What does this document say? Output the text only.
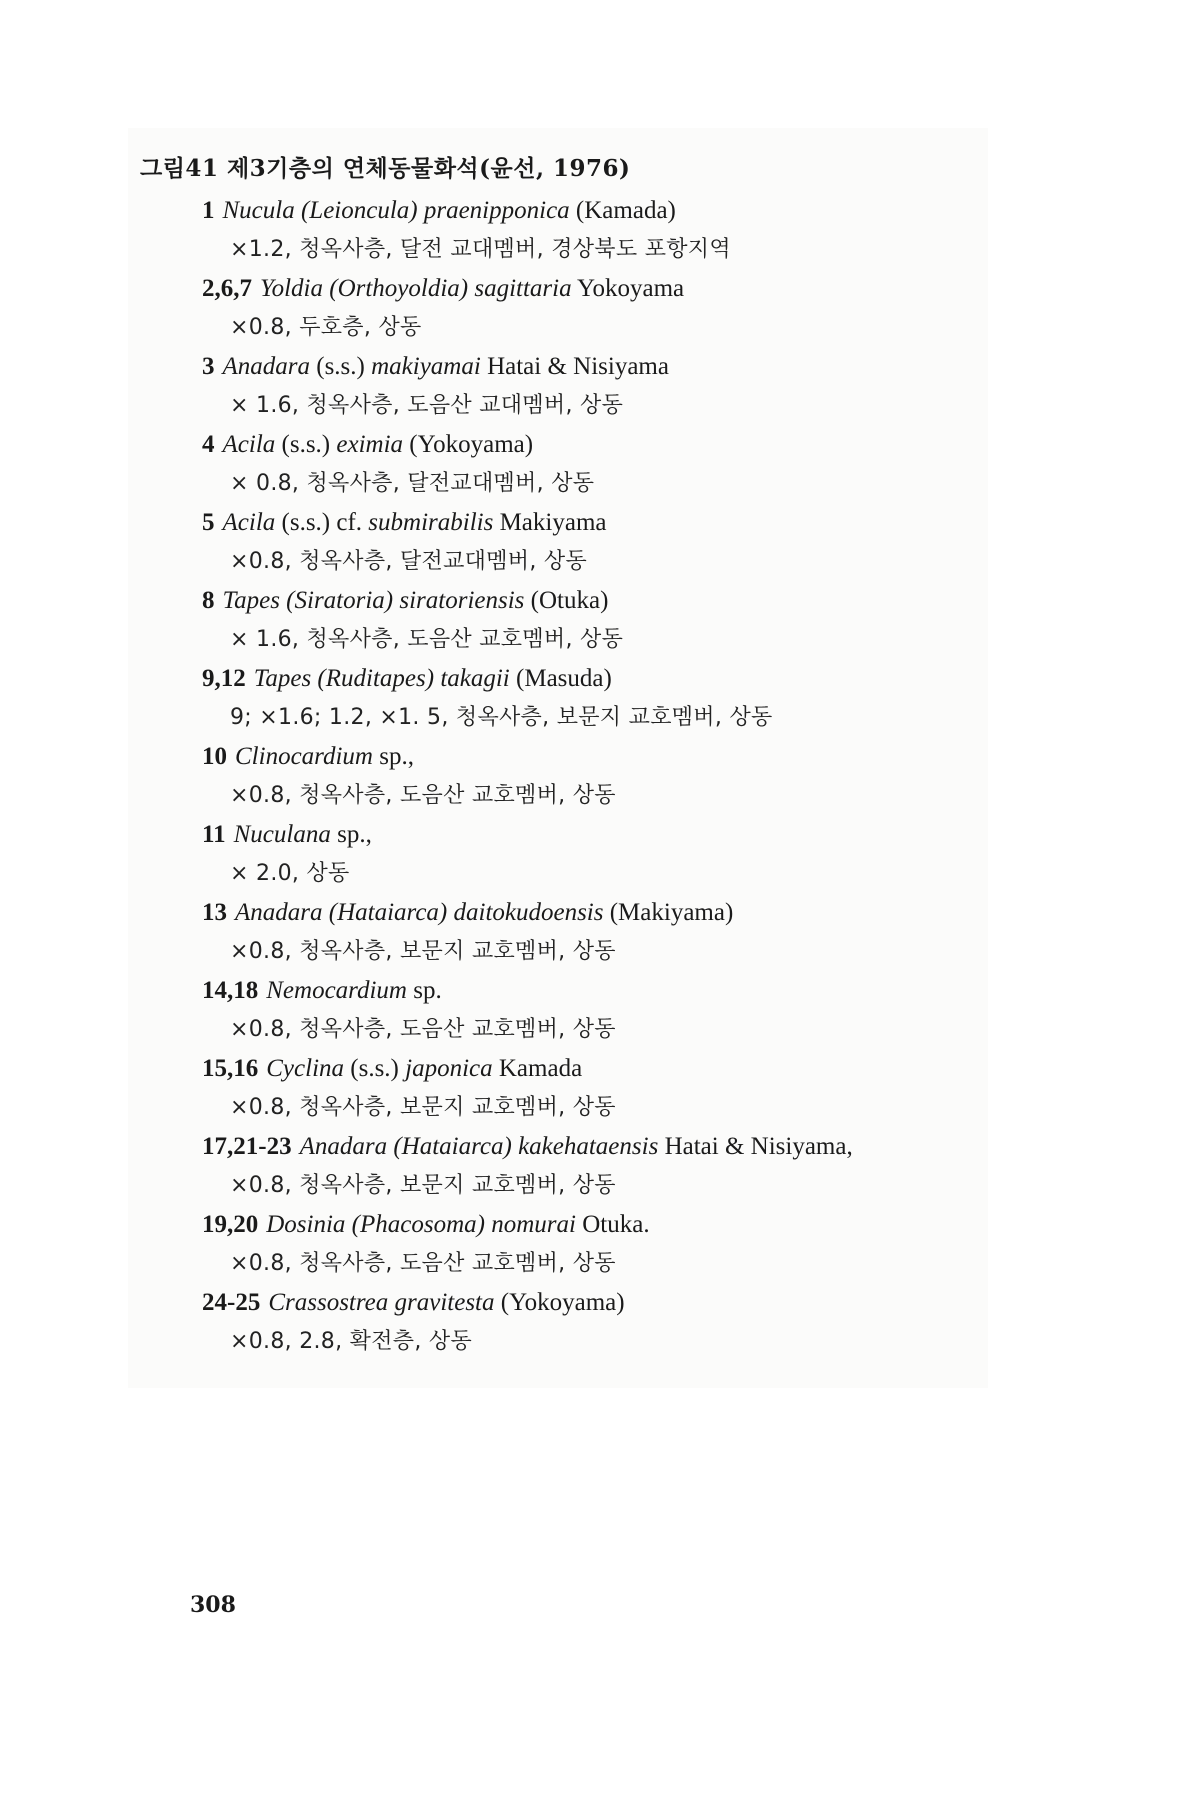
그림41 제3기층의 연체동물화석(윤선, 1976)
1 Nucula (Leioncula) praenipponica (Kamada)
×1.2, 청옥사층, 달전 교대멤버, 경상북도 포항지역
2,6,7 Yoldia (Orthoyoldia) sagittaria Yokoyama
×0.8, 두호층, 상동
3 Anadara (s.s.) makiyamai Hatai & Nisiyama
× 1.6, 청옥사층, 도음산 교대멤버, 상동
4 Acila (s.s.) eximia (Yokoyama)
× 0.8, 청옥사층, 달전교대멤버, 상동
5 Acila (s.s.) cf. submirabilis Makiyama
×0.8, 청옥사층, 달전교대멤버, 상동
8 Tapes (Siratoria) siratoriensis (Otuka)
× 1.6, 청옥사층, 도음산 교호멤버, 상동
9,12 Tapes (Ruditapes) takagii (Masuda)
9; ×1.6; 1.2, ×1. 5, 청옥사층, 보문지 교호멤버, 상동
10 Clinocardium sp.,
×0.8, 청옥사층, 도음산 교호멤버, 상동
11 Nuculana sp.,
× 2.0, 상동
13 Anadara (Hataiarca) daitokudoensis (Makiyama)
×0.8, 청옥사층, 보문지 교호멤버, 상동
14,18 Nemocardium sp.
×0.8, 청옥사층, 도음산 교호멤버, 상동
15,16 Cyclina (s.s.) japonica Kamada
×0.8, 청옥사층, 보문지 교호멤버, 상동
17,21-23 Anadara (Hataiarca) kakehataensis Hatai & Nisiyama,
×0.8, 청옥사층, 보문지 교호멤버, 상동
19,20 Dosinia (Phacosoma) nomurai Otuka.
×0.8, 청옥사층, 도음산 교호멤버, 상동
24-25 Crassostrea gravitesta (Yokoyama)
×0.8, 2.8, 확전층, 상동
308
